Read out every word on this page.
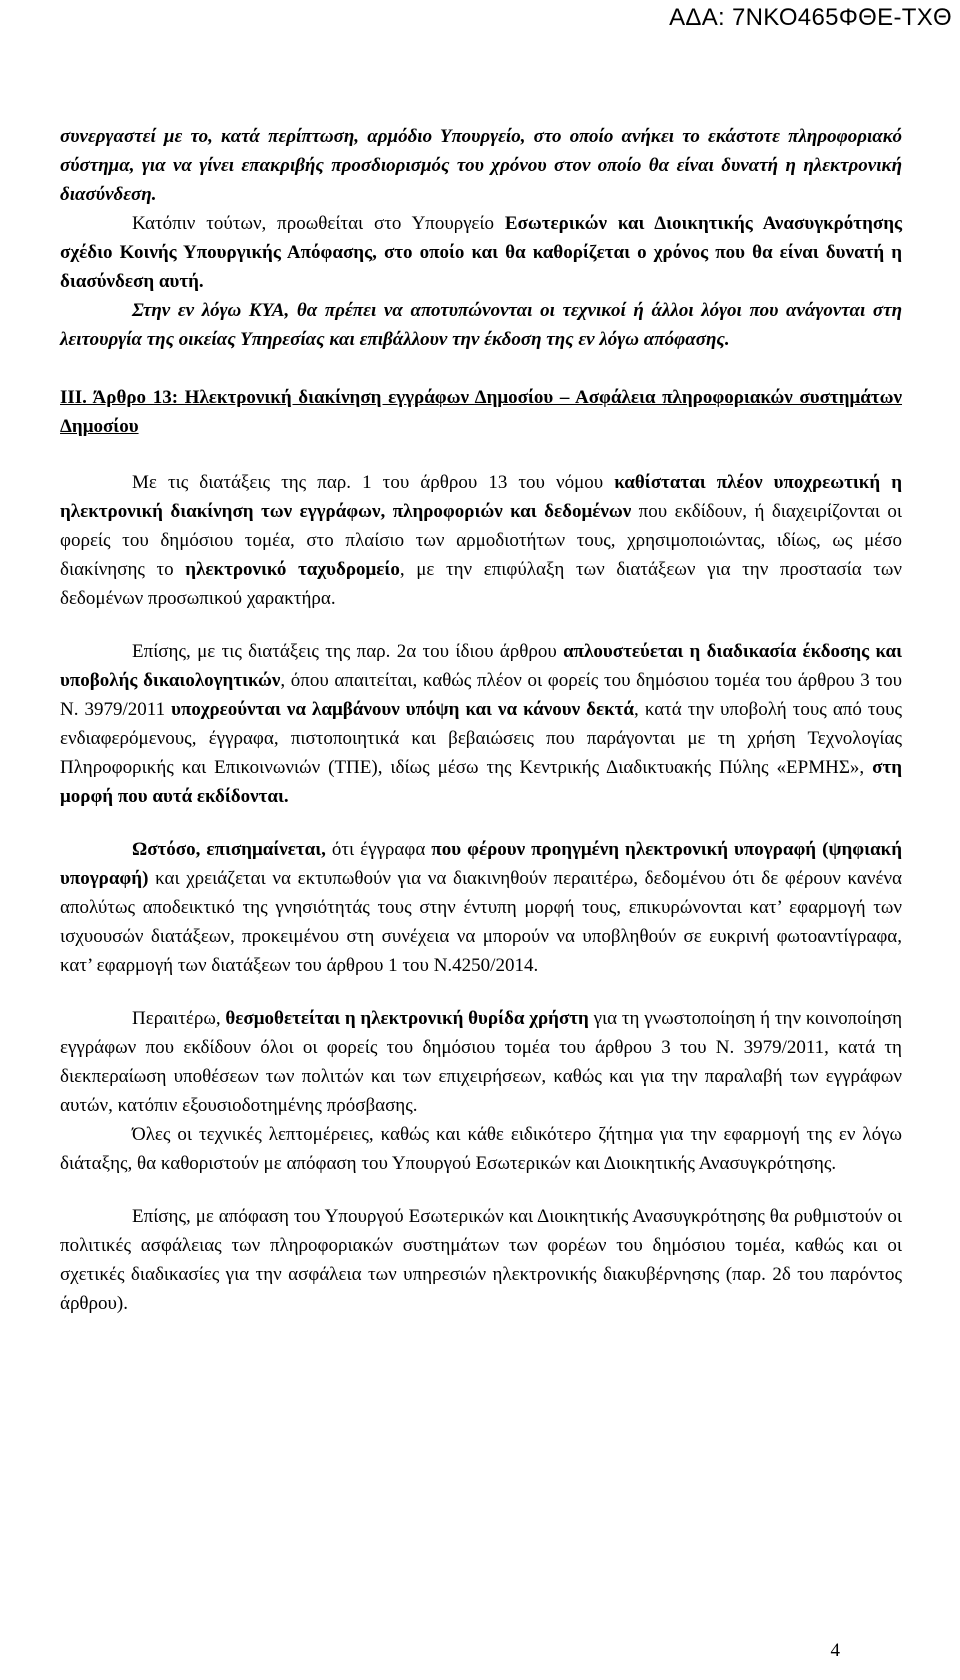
ΑΔΑ: 7ΝΚΟ465ΦΘΕ-ΤΧΘ

συνεργαστεί με το, κατά περίπτωση, αρμόδιο Υπουργείο, στο οποίο ανήκει το εκάστοτε πληροφοριακό σύστημα, για να γίνει επακριβής προσδιορισμός του χρόνου στον οποίο θα είναι δυνατή η ηλεκτρονική διασύνδεση.

Κατόπιν τούτων, προωθείται στο Υπουργείο Εσωτερικών και Διοικητικής Ανασυγκρότησης σχέδιο Κοινής Υπουργικής Απόφασης, στο οποίο και θα καθορίζεται ο χρόνος που θα είναι δυνατή η διασύνδεση αυτή.

Στην εν λόγω ΚΥΑ, θα πρέπει να αποτυπώνονται οι τεχνικοί ή άλλοι λόγοι που ανάγονται στη λειτουργία της οικείας Υπηρεσίας και επιβάλλουν την έκδοση της εν λόγω απόφασης.

ΙΙΙ. Άρθρο 13: Ηλεκτρονική διακίνηση εγγράφων Δημοσίου – Ασφάλεια πληροφοριακών συστημάτων Δημοσίου

Με τις διατάξεις της παρ. 1 του άρθρου 13 του νόμου καθίσταται πλέον υποχρεωτική η ηλεκτρονική διακίνηση των εγγράφων, πληροφοριών και δεδομένων που εκδίδουν, ή διαχειρίζονται οι φορείς του δημόσιου τομέα, στο πλαίσιο των αρμοδιοτήτων τους, χρησιμοποιώντας, ιδίως, ως μέσο διακίνησης το ηλεκτρονικό ταχυδρομείο, με την επιφύλαξη των διατάξεων για την προστασία των δεδομένων προσωπικού χαρακτήρα.

Επίσης, με τις διατάξεις της παρ. 2α του ίδιου άρθρου απλουστεύεται η διαδικασία έκδοσης και υποβολής δικαιολογητικών, όπου απαιτείται, καθώς πλέον οι φορείς του δημόσιου τομέα του άρθρου 3 του Ν. 3979/2011 υποχρεούνται να λαμβάνουν υπόψη και να κάνουν δεκτά, κατά την υποβολή τους από τους ενδιαφερόμενους, έγγραφα, πιστοποιητικά και βεβαιώσεις που παράγονται με τη χρήση Τεχνολογίας Πληροφορικής και Επικοινωνιών (ΤΠΕ), ιδίως μέσω της Κεντρικής Διαδικτυακής Πύλης «ΕΡΜΗΣ», στη μορφή που αυτά εκδίδονται.

Ωστόσο, επισημαίνεται, ότι έγγραφα που φέρουν προηγμένη ηλεκτρονική υπογραφή (ψηφιακή υπογραφή) και χρειάζεται να εκτυπωθούν για να διακινηθούν περαιτέρω, δεδομένου ότι δε φέρουν κανένα απολύτως αποδεικτικό της γνησιότητάς τους στην έντυπη μορφή τους, επικυρώνονται κατ’ εφαρμογή των ισχυουσών διατάξεων, προκειμένου στη συνέχεια να μπορούν να υποβληθούν σε ευκρινή φωτοαντίγραφα, κατ’ εφαρμογή των διατάξεων του άρθρου 1 του Ν.4250/2014.

Περαιτέρω, θεσμοθετείται η ηλεκτρονική θυρίδα χρήστη για τη γνωστοποίηση ή την κοινοποίηση εγγράφων που εκδίδουν όλοι οι φορείς του δημόσιου τομέα του άρθρου 3 του Ν. 3979/2011, κατά τη διεκπεραίωση υποθέσεων των πολιτών και των επιχειρήσεων, καθώς και για την παραλαβή των εγγράφων αυτών, κατόπιν εξουσιοδοτημένης πρόσβασης.

Όλες οι τεχνικές λεπτομέρειες, καθώς και κάθε ειδικότερο ζήτημα για την εφαρμογή της εν λόγω διάταξης, θα καθοριστούν με απόφαση του Υπουργού Εσωτερικών και Διοικητικής Ανασυγκρότησης.

Επίσης, με απόφαση του Υπουργού Εσωτερικών και Διοικητικής Ανασυγκρότησης θα ρυθμιστούν οι πολιτικές ασφάλειας των πληροφοριακών συστημάτων των φορέων του δημόσιου τομέα, καθώς και οι σχετικές διαδικασίες για την ασφάλεια των υπηρεσιών ηλεκτρονικής διακυβέρνησης (παρ. 2δ του παρόντος άρθρου).

4
